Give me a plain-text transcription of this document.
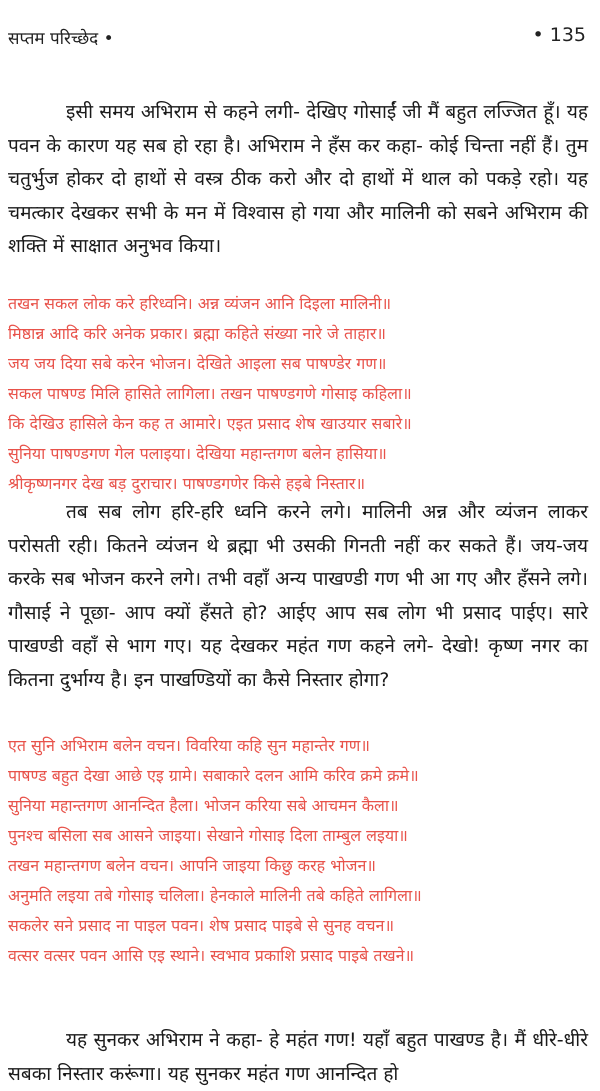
सप्तम परिच्छेद •	• 135

इसी समय अभिराम से कहने लगी- देखिए गोसाईं जी मैं बहुत लज्जित हूँ। यह पवन के कारण यह सब हो रहा है। अभिराम ने हँस कर कहा- कोई चिन्ता नहीं हैं। तुम चतुर्भुज होकर दो हाथों से वस्त्र ठीक करो और दो हाथों में थाल को पकड़े रहो। यह चमत्कार देखकर सभी के मन में विश्वास हो गया और मालिनी को सबने अभिराम की शक्ति में साक्षात अनुभव किया।

तखन सकल लोक करे हरिध्वनि। अन्न व्यंजन आनि दिइला मालिनी॥
मिष्ठान्न आदि करि अनेक प्रकार। ब्रह्मा कहिते संख्या नारे जे ताहार॥
जय जय दिया सबे करेन भोजन। देखिते आइला सब पाषण्डेर गण॥
सकल पाषण्ड मिलि हासिते लागिला। तखन पाषण्डगणे गोसाइ कहिला॥
कि देखिउ हासिले केन कह त आमारे। एइत प्रसाद शेष खाउयार सबारे॥
सुनिया पाषण्डगण गेल पलाइया। देखिया महान्तगण बलेन हासिया॥
श्रीकृष्णनगर देख बड़ दुराचार। पाषण्डगणेर किसे हइबे निस्तार॥

तब सब लोग हरि-हरि ध्वनि करने लगे। मालिनी अन्न और व्यंजन लाकर परोसती रही। कितने व्यंजन थे ब्रह्मा भी उसकी गिनती नहीं कर सकते हैं। जय-जय करके सब भोजन करने लगे। तभी वहाँ अन्य पाखण्डी गण भी आ गए और हँसने लगे। गौसाई ने पूछा- आप क्यों हँसते हो? आईए आप सब लोग भी प्रसाद पाईए। सारे पाखण्डी वहाँ से भाग गए। यह देखकर महंत गण कहने लगे- देखो! कृष्ण नगर का कितना दुर्भाग्य है। इन पाखण्डियों का कैसे निस्तार होगा?

एत सुनि अभिराम बलेन वचन। विवरिया कहि सुन महान्तेर गण॥
पाषण्ड बहुत देखा आछे एइ ग्रामे। सबाकारे दलन आमि करिव क्रमे क्रमे॥
सुनिया महान्तगण आनन्दित हैला। भोजन करिया सबे आचमन कैला॥
पुनश्च बसिला सब आसने जाइया। सेखाने गोसाइ दिला ताम्बुल लइया॥
तखन महान्तगण बलेन वचन। आपनि जाइया किछु करह भोजन॥
अनुमति लइया तबे गोसाइ चलिला। हेनकाले मालिनी तबे कहिते लागिला॥
सकलेर सने प्रसाद ना पाइल पवन। शेष प्रसाद पाइबे से सुनह वचन॥
वत्सर वत्सर पवन आसि एइ स्थाने। स्वभाव प्रकाशि प्रसाद पाइबे तखने॥

यह सुनकर अभिराम ने कहा- हे महंत गण! यहाँ बहुत पाखण्ड है। मैं धीरे-धीरे सबका निस्तार करूंगा। यह सुनकर महंत गण आनन्दित हो
